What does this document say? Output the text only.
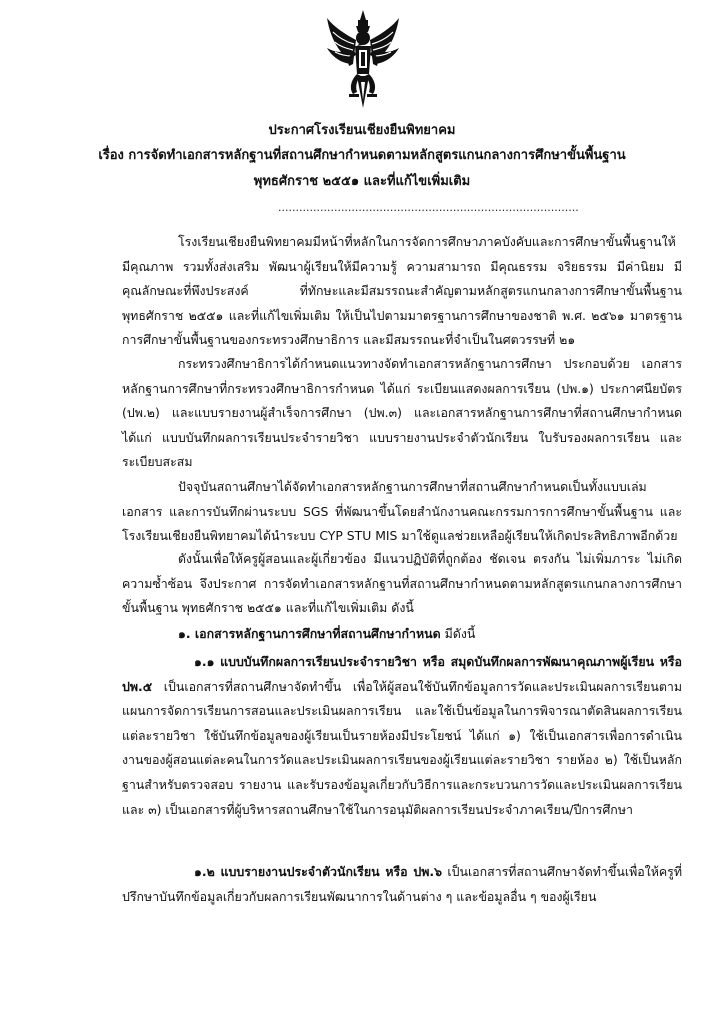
ประกาศโรงเรียนเชียงยืนพิทยาคม
เรื่อง การจัดทำเอกสารหลักฐานที่สถานศึกษากำหนดตามหลักสูตรแกนกลางการศึกษาขั้นพื้นฐาน
พุทธศักราช ๒๕๕๑ และที่แก้ไขเพิ่มเติม
......................................................................................

โรงเรียนเชียงยืนพิทยาคมมีหน้าที่หลักในการจัดการศึกษาภาคบังคับและการศึกษาขั้นพื้นฐานให้มีคุณภาพ รวมทั้งส่งเสริม พัฒนาผู้เรียนให้มีความรู้ ความสามารถ มีคุณธรรม จริยธรรม มีค่านิยม มีคุณลักษณะที่พึงประสงค์ ที่ทักษะและมีสมรรถนะสำคัญตามหลักสูตรแกนกลางการศึกษาขั้นพื้นฐาน พุทธศักราช ๒๕๕๑ และที่แก้ไขเพิ่มเติม ให้เป็นไปตามมาตรฐานการศึกษาของชาติ พ.ศ. ๒๕๖๑ มาตรฐานการศึกษาขั้นพื้นฐานของกระทรวงศึกษาธิการ และมีสมรรถนะที่จำเป็นในศตวรรษที่ ๒๑

กระทรวงศึกษาธิการได้กำหนดแนวทางจัดทำเอกสารหลักฐานการศึกษา ประกอบด้วย เอกสารหลักฐานการศึกษาที่กระทรวงศึกษาธิการกำหนด ได้แก่ ระเบียนแสดงผลการเรียน (ปพ.๑) ประกาศนียบัตร (ปพ.๒) และแบบรายงานผู้สำเร็จการศึกษา (ปพ.๓) และเอกสารหลักฐานการศึกษาที่สถานศึกษากำหนด ได้แก่ แบบบันทึกผลการเรียนประจำรายวิชา แบบรายงานประจำตัวนักเรียน ใบรับรองผลการเรียน และระเบียบสะสม

ปัจจุบันสถานศึกษาได้จัดทำเอกสารหลักฐานการศึกษาที่สถานศึกษากำหนดเป็นทั้งแบบเล่มเอกสาร และการบันทึกผ่านระบบ SGS ที่พัฒนาขึ้นโดยสำนักงานคณะกรรมการการศึกษาขั้นพื้นฐาน และโรงเรียนเชียงยืนพิทยาคมได้นำระบบ CYP STU MIS มาใช้ดูแลช่วยเหลือผู้เรียนให้เกิดประสิทธิภาพอีกด้วย

ดังนั้นเพื่อให้ครูผู้สอนและผู้เกี่ยวข้อง มีแนวปฏิบัติที่ถูกต้อง ชัดเจน ตรงกัน ไม่เพิ่มภาระ ไม่เกิดความซ้ำซ้อน จึงประกาศ การจัดทำเอกสารหลักฐานที่สถานศึกษากำหนดตามหลักสูตรแกนกลางการศึกษาขั้นพื้นฐาน พุทธศักราช ๒๕๕๑ และที่แก้ไขเพิ่มเติม ดังนี้

๑. เอกสารหลักฐานการศึกษาที่สถานศึกษากำหนด มีดังนี้

๑.๑ แบบบันทึกผลการเรียนประจำรายวิชา หรือ สมุดบันทึกผลการพัฒนาคุณภาพผู้เรียน หรือ ปพ.๕ เป็นเอกสารที่สถานศึกษาจัดทำขึ้น เพื่อให้ผู้สอนใช้บันทึกข้อมูลการวัดและประเมินผลการเรียนตามแผนการจัดการเรียนการสอนและประเมินผลการเรียน และใช้เป็นข้อมูลในการพิจารณาตัดสินผลการเรียนแต่ละรายวิชา ใช้บันทึกข้อมูลของผู้เรียนเป็นรายห้องมีประโยชน์ ได้แก่ ๑) ใช้เป็นเอกสารเพื่อการดำเนินงานของผู้สอนแต่ละคนในการวัดและประเมินผลการเรียนของผู้เรียนแต่ละรายวิชา รายห้อง ๒) ใช้เป็นหลักฐานสำหรับตรวจสอบ รายงาน และรับรองข้อมูลเกี่ยวกับวิธีการและกระบวนการวัดและประเมินผลการเรียน และ ๓) เป็นเอกสารที่ผู้บริหารสถานศึกษาใช้ในการอนุมัติผลการเรียนประจำภาคเรียน/ปีการศึกษา

๑.๒ แบบรายงานประจำตัวนักเรียน หรือ ปพ.๖ เป็นเอกสารที่สถานศึกษาจัดทำขึ้นเพื่อให้ครูที่ปรึกษาบันทึกข้อมูลเกี่ยวกับผลการเรียนพัฒนาการในด้านต่าง ๆ และข้อมูลอื่น ๆ ของผู้เรียน
